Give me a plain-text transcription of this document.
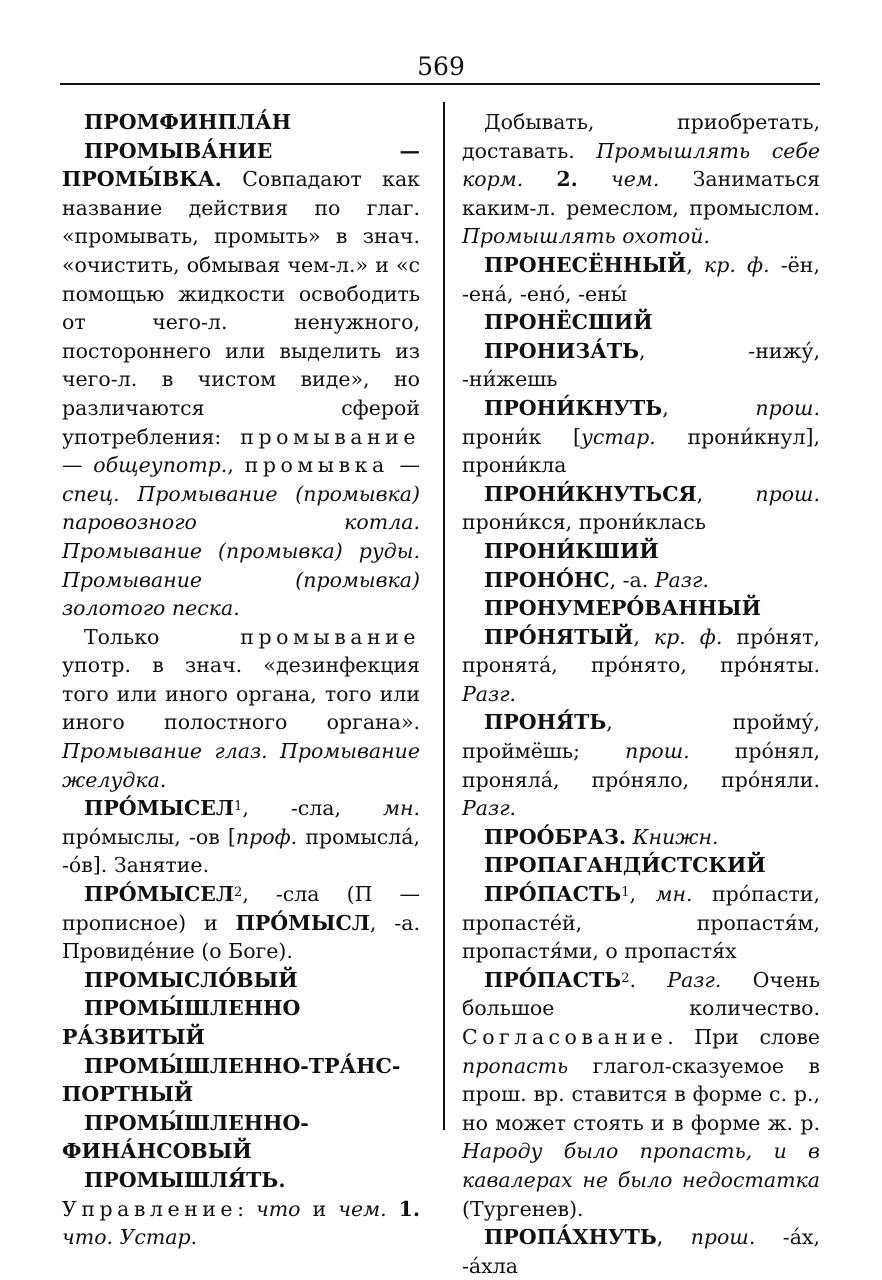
569

ПРОМФИНПЛА́Н

ПРОМЫВА́НИЕ — ПРОМЫ́ВКА. Совпадают как название действия по глаг. «промывать, промыть» в знач. «очистить, обмывая чем-л.» и «с помощью жидкости освободить от чего-л. ненужного, постороннего или выделить из чего-л. в чистом виде», но различаются сферой употребления: промывание — общеупотр., промывка — спец. Промывание (промывка) паровозного котла. Промывание (промывка) руды. Промывание (промывка) золотого песка.

Только промывание употр. в знач. «дезинфекция того или иного органа, того или иного полостного органа». Промывание глаз. Промывание желудка.

ПРО́МЫСЕЛ$^1$, -сла, мн. про́мыслы, -ов [проф. промысла́, -о́в]. Занятие.

ПРО́МЫСЕЛ$^2$, -сла (П — прописное) и ПРО́МЫСЛ, -а. Провиде́ние (о Боге).

ПРОМЫСЛО́ВЫЙ

ПРОМЫ́ШЛЕННО РА́ЗВИТЫЙ

ПРОМЫ́ШЛЕННО-ТРА́НСПОРТНЫЙ

ПРОМЫ́ШЛЕННО-ФИНА́НСОВЫЙ

ПРОМЫШЛЯ́ТЬ. Управление: что и чем. 1. что. Устар.

Добывать, приобретать, доставать. Промышлять себе корм. 2. чем. Заниматься каким-л. ремеслом, промыслом. Промышлять охотой.

ПРОНЕСЁННЫЙ, кр. ф. -ён, -ена́, -ено́, -ены́

ПРОНЁСШИЙ

ПРОНИЗА́ТЬ, -нижу́, -ни́жешь

ПРОНИ́КНУТЬ, прош. прони́к [устар. прони́кнул], прони́кла

ПРОНИ́КНУТЬСЯ, прош. прони́кся, прони́клась

ПРОНИ́КШИЙ

ПРОНО́НС, -а. Разг.

ПРОНУМЕРО́ВАННЫЙ

ПРО́НЯТЫЙ, кр. ф. про́нят, пронята́, про́нято, про́няты. Разг.

ПРОНЯ́ТЬ, пройму́, проймёшь; прош. про́нял, проняла́, про́няло, про́няли. Разг.

ПРОО́БРАЗ. Книжн.

ПРОПАГАНДИ́СТСКИЙ

ПРО́ПАСТЬ$^1$, мн. про́пасти, пропасте́й, пропастя́м, пропастя́ми, о пропастя́х

ПРО́ПАСТЬ$^2$. Разг. Очень большое количество. Согласование. При слове пропасть глагол-сказуемое в прош. вр. ставится в форме с. р., но может стоять и в форме ж. р. Народу было пропасть, и в кавалерах не было недостатка (Тургенев).

ПРОПА́ХНУТЬ, прош. -а́х, -а́хла
